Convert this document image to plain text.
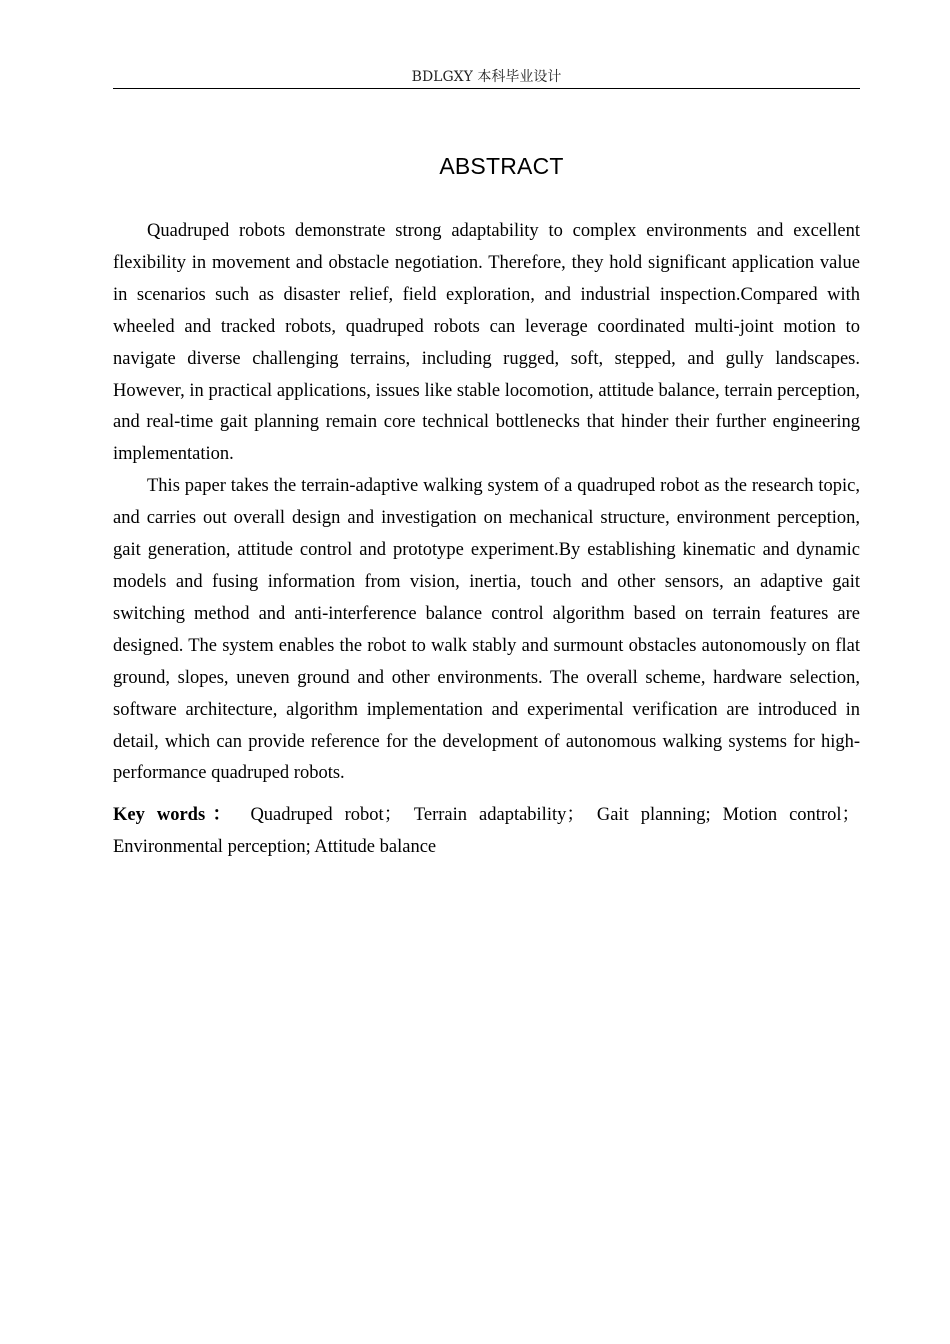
BDLGXY 本科毕业设计
ABSTRACT

Quadruped robots demonstrate strong adaptability to complex environments and excellent flexibility in movement and obstacle negotiation. Therefore, they hold significant application value in scenarios such as disaster relief, field exploration, and industrial inspection.Compared with wheeled and tracked robots, quadruped robots can leverage coordinated multi-joint motion to navigate diverse challenging terrains, including rugged, soft, stepped, and gully landscapes. However, in practical applications, issues like stable locomotion, attitude balance, terrain perception, and real-time gait planning remain core technical bottlenecks that hinder their further engineering implementation.

This paper takes the terrain-adaptive walking system of a quadruped robot as the research topic, and carries out overall design and investigation on mechanical structure, environment perception, gait generation, attitude control and prototype experiment.By establishing kinematic and dynamic models and fusing information from vision, inertia, touch and other sensors, an adaptive gait switching method and anti-interference balance control algorithm based on terrain features are designed. The system enables the robot to walk stably and surmount obstacles autonomously on flat ground, slopes, uneven ground and other environments. The overall scheme, hardware selection, software architecture, algorithm implementation and experimental verification are introduced in detail, which can provide reference for the development of autonomous walking systems for high-performance quadruped robots.

Key words： Quadruped robot； Terrain adaptability； Gait planning; Motion control； Environmental perception; Attitude balance
